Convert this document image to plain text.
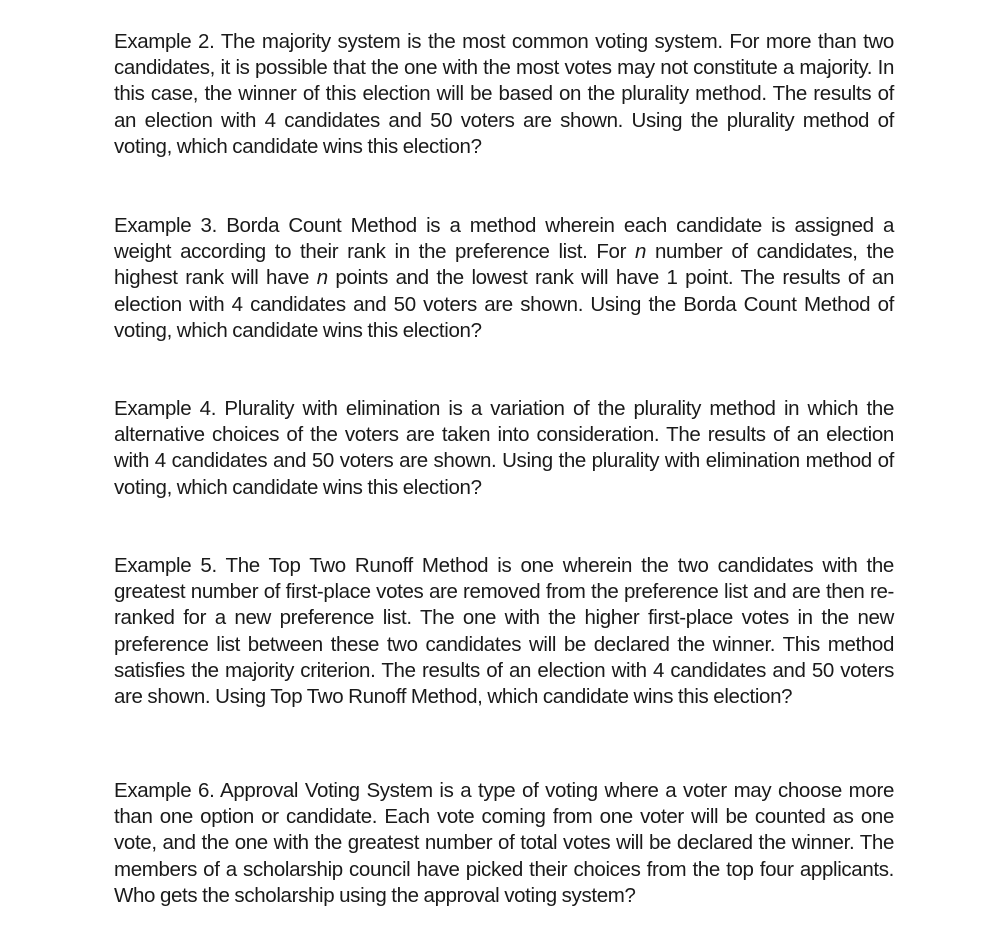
Example 2. The majority system is the most common voting system. For more than two candidates, it is possible that the one with the most votes may not constitute a majority. In this case, the winner of this election will be based on the plurality method. The results of an election with 4 candidates and 50 voters are shown. Using the plurality method of voting, which candidate wins this election?

Example 3. Borda Count Method is a method wherein each candidate is assigned a weight according to their rank in the preference list. For n number of candidates, the highest rank will have n points and the lowest rank will have 1 point. The results of an election with 4 candidates and 50 voters are shown. Using the Borda Count Method of voting, which candidate wins this election?

Example 4. Plurality with elimination is a variation of the plurality method in which the alternative choices of the voters are taken into consideration. The results of an election with 4 candidates and 50 voters are shown. Using the plurality with elimination method of voting, which candidate wins this election?

Example 5. The Top Two Runoff Method is one wherein the two candidates with the greatest number of first-place votes are removed from the preference list and are then re-ranked for a new preference list. The one with the higher first-place votes in the new preference list between these two candidates will be declared the winner. This method satisfies the majority criterion. The results of an election with 4 candidates and 50 voters are shown. Using Top Two Runoff Method, which candidate wins this election?

Example 6. Approval Voting System is a type of voting where a voter may choose more than one option or candidate. Each vote coming from one voter will be counted as one vote, and the one with the greatest number of total votes will be declared the winner. The members of a scholarship council have picked their choices from the top four applicants. Who gets the scholarship using the approval voting system?
